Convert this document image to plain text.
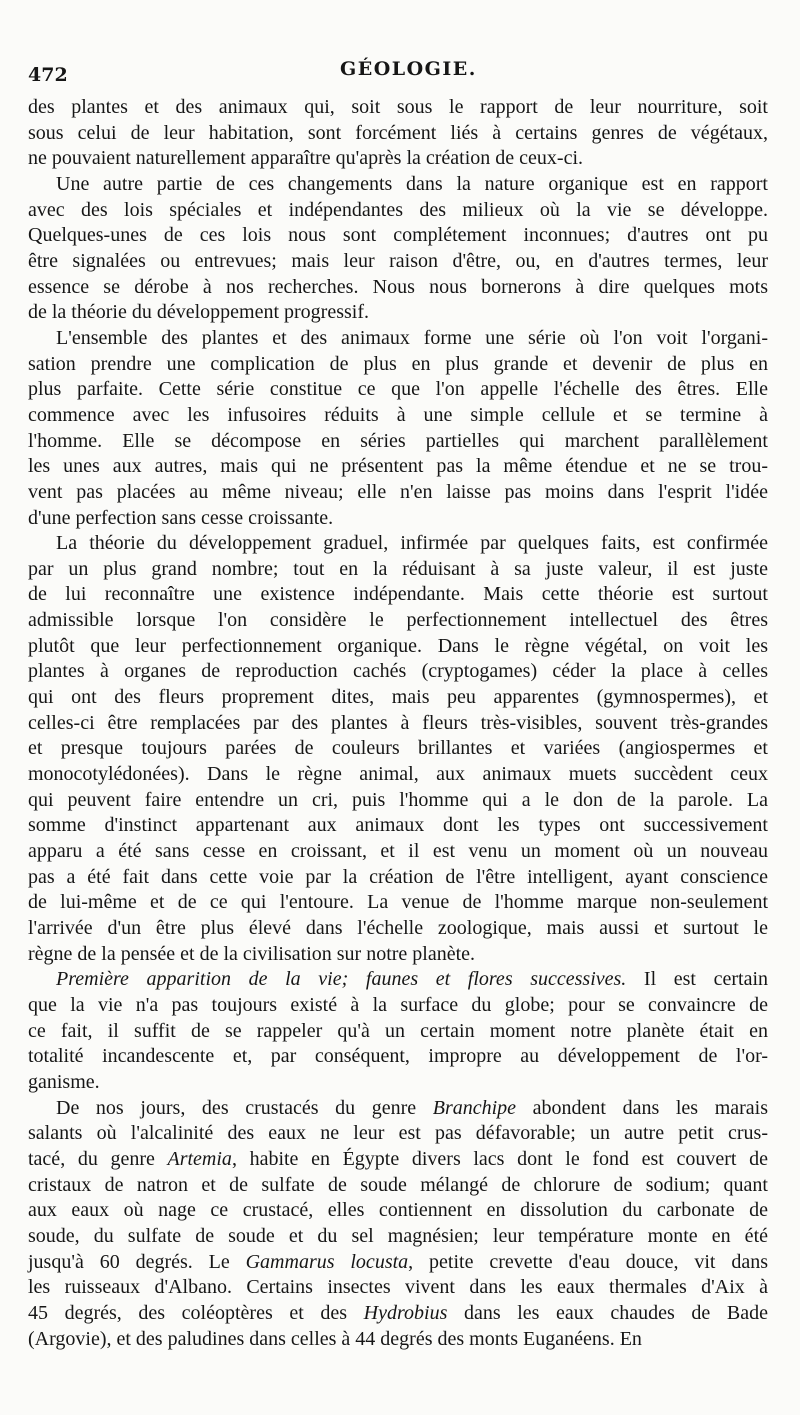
472	GÉOLOGIE.
des plantes et des animaux qui, soit sous le rapport de leur nourriture, soit
sous celui de leur habitation, sont forcément liés à certains genres de végétaux,
ne pouvaient naturellement apparaître qu'après la création de ceux-ci.
Une autre partie de ces changements dans la nature organique est en rapport
avec des lois spéciales et indépendantes des milieux où la vie se développe.
Quelques-unes de ces lois nous sont complétement inconnues; d'autres ont pu
être signalées ou entrevues; mais leur raison d'être, ou, en d'autres termes, leur
essence se dérobe à nos recherches. Nous nous bornerons à dire quelques mots
de la théorie du développement progressif.
L'ensemble des plantes et des animaux forme une série où l'on voit l'organi-
sation prendre une complication de plus en plus grande et devenir de plus en
plus parfaite. Cette série constitue ce que l'on appelle l'échelle des êtres. Elle
commence avec les infusoires réduits à une simple cellule et se termine à
l'homme. Elle se décompose en séries partielles qui marchent parallèlement
les unes aux autres, mais qui ne présentent pas la même étendue et ne se trou-
vent pas placées au même niveau; elle n'en laisse pas moins dans l'esprit l'idée
d'une perfection sans cesse croissante.
La théorie du développement graduel, infirmée par quelques faits, est confirmée
par un plus grand nombre; tout en la réduisant à sa juste valeur, il est juste
de lui reconnaître une existence indépendante. Mais cette théorie est surtout
admissible lorsque l'on considère le perfectionnement intellectuel des êtres
plutôt que leur perfectionnement organique. Dans le règne végétal, on voit les
plantes à organes de reproduction cachés (cryptogames) céder la place à celles
qui ont des fleurs proprement dites, mais peu apparentes (gymnospermes), et
celles-ci être remplacées par des plantes à fleurs très-visibles, souvent très-grandes
et presque toujours parées de couleurs brillantes et variées (angiospermes et
monocotylédonées). Dans le règne animal, aux animaux muets succèdent ceux
qui peuvent faire entendre un cri, puis l'homme qui a le don de la parole. La
somme d'instinct appartenant aux animaux dont les types ont successivement
apparu a été sans cesse en croissant, et il est venu un moment où un nouveau
pas a été fait dans cette voie par la création de l'être intelligent, ayant conscience
de lui-même et de ce qui l'entoure. La venue de l'homme marque non-seulement
l'arrivée d'un être plus élevé dans l'échelle zoologique, mais aussi et surtout le
règne de la pensée et de la civilisation sur notre planète.
Première apparition de la vie; faunes et flores successives. Il est certain
que la vie n'a pas toujours existé à la surface du globe; pour se convaincre de
ce fait, il suffit de se rappeler qu'à un certain moment notre planète était en
totalité incandescente et, par conséquent, impropre au développement de l'or-
ganisme.
De nos jours, des crustacés du genre Branchipe abondent dans les marais
salants où l'alcalinité des eaux ne leur est pas défavorable; un autre petit crus-
tacé, du genre Artemia, habite en Égypte divers lacs dont le fond est couvert de
cristaux de natron et de sulfate de soude mélangé de chlorure de sodium; quant
aux eaux où nage ce crustacé, elles contiennent en dissolution du carbonate de
soude, du sulfate de soude et du sel magnésien; leur température monte en été
jusqu'à 60 degrés. Le Gammarus locusta, petite crevette d'eau douce, vit dans
les ruisseaux d'Albano. Certains insectes vivent dans les eaux thermales d'Aix à
45 degrés, des coléoptères et des Hydrobius dans les eaux chaudes de Bade
(Argovie), et des paludines dans celles à 44 degrés des monts Euganéens. En
